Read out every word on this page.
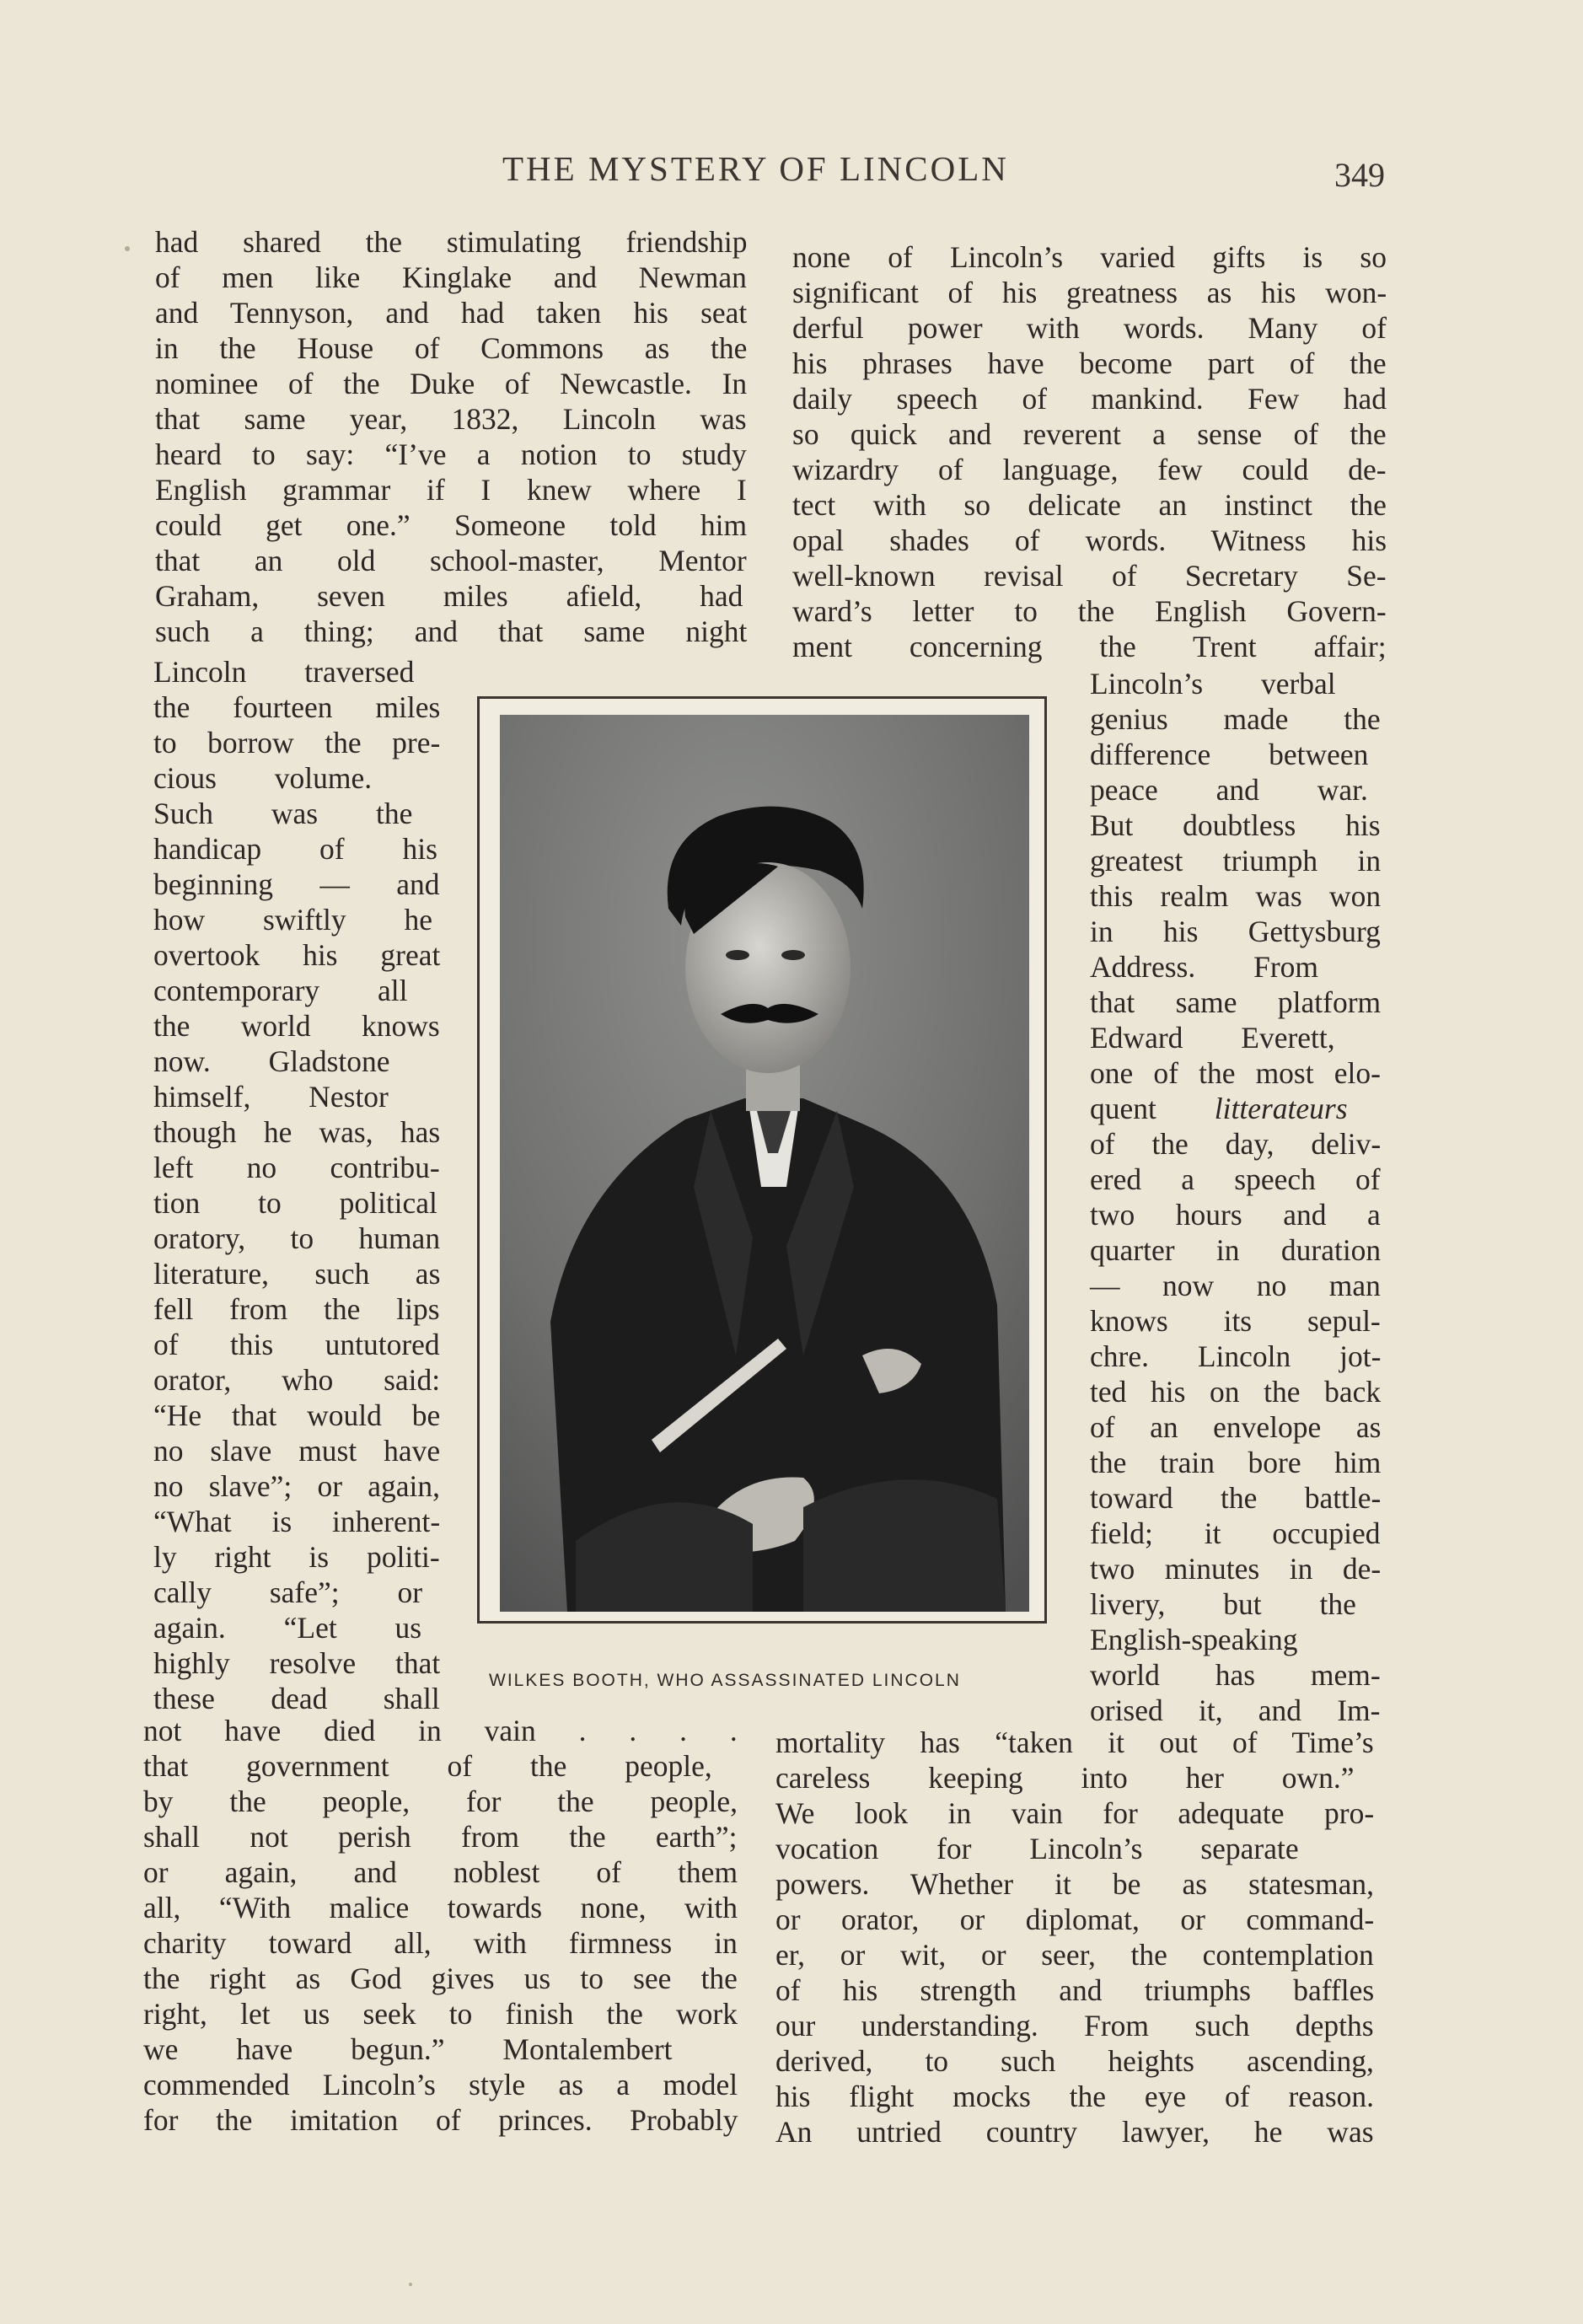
THE MYSTERY OF LINCOLN	349
had shared the stimulating friendship
of men like Kinglake and Newman
and Tennyson, and had taken his seat
in the House of Commons as the
nominee of the Duke of Newcastle. In
that same year, 1832, Lincoln was
heard to say: “I’ve a notion to study
English grammar if I knew where I
could get one.” Someone told him
that an old school-master, Mentor
Graham, seven miles afield, had
such a thing; and that same night
Lincoln traversed
the fourteen miles
to borrow the pre-
cious volume.
Such was the
handicap of his
beginning — and
how swiftly he
overtook his great
contemporary all
the world knows
now. Gladstone
himself, Nestor
though he was, has
left no contribu-
tion to political
oratory, to human
literature, such as
fell from the lips
of this untutored
orator, who said:
“He that would be
no slave must have
no slave”; or again,
“What is inherent-
ly right is politi-
cally safe”; or
again. “Let us
highly resolve that
these dead shall
not have died in vain . . . .
that government of the people,
by the people, for the people,
shall not perish from the earth”;
or again, and noblest of them
all, “With malice towards none, with
charity toward all, with firmness in
the right as God gives us to see the
right, let us seek to finish the work
we have begun.” Montalembert
commended Lincoln’s style as a model
for the imitation of princes. Probably
none of Lincoln’s varied gifts is so
significant of his greatness as his won-
derful power with words. Many of
his phrases have become part of the
daily speech of mankind. Few had
so quick and reverent a sense of the
wizardry of language, few could de-
tect with so delicate an instinct the
opal shades of words. Witness his
well-known revisal of Secretary Se-
ward’s letter to the English Govern-
ment concerning the Trent affair;
Lincoln’s verbal
genius made the
difference between
peace and war.
But doubtless his
greatest triumph in
this realm was won
in his Gettysburg
Address. From
that same platform
Edward Everett,
one of the most elo-
quent litterateurs
of the day, deliv-
ered a speech of
two hours and a
quarter in duration
— now no man
knows its sepul-
chre. Lincoln jot-
ted his on the back
of an envelope as
the train bore him
toward the battle-
field; it occupied
two minutes in de-
livery, but the
English-speaking
world has mem-
orised it, and Im-
mortality has “taken it out of Time’s
careless keeping into her own.”
We look in vain for adequate pro-
vocation for Lincoln’s separate
powers. Whether it be as statesman,
or orator, or diplomat, or command-
er, or wit, or seer, the contemplation
of his strength and triumphs baffles
our understanding. From such depths
derived, to such heights ascending,
his flight mocks the eye of reason.
An untried country lawyer, he was
WILKES BOOTH, WHO ASSASSINATED LINCOLN
